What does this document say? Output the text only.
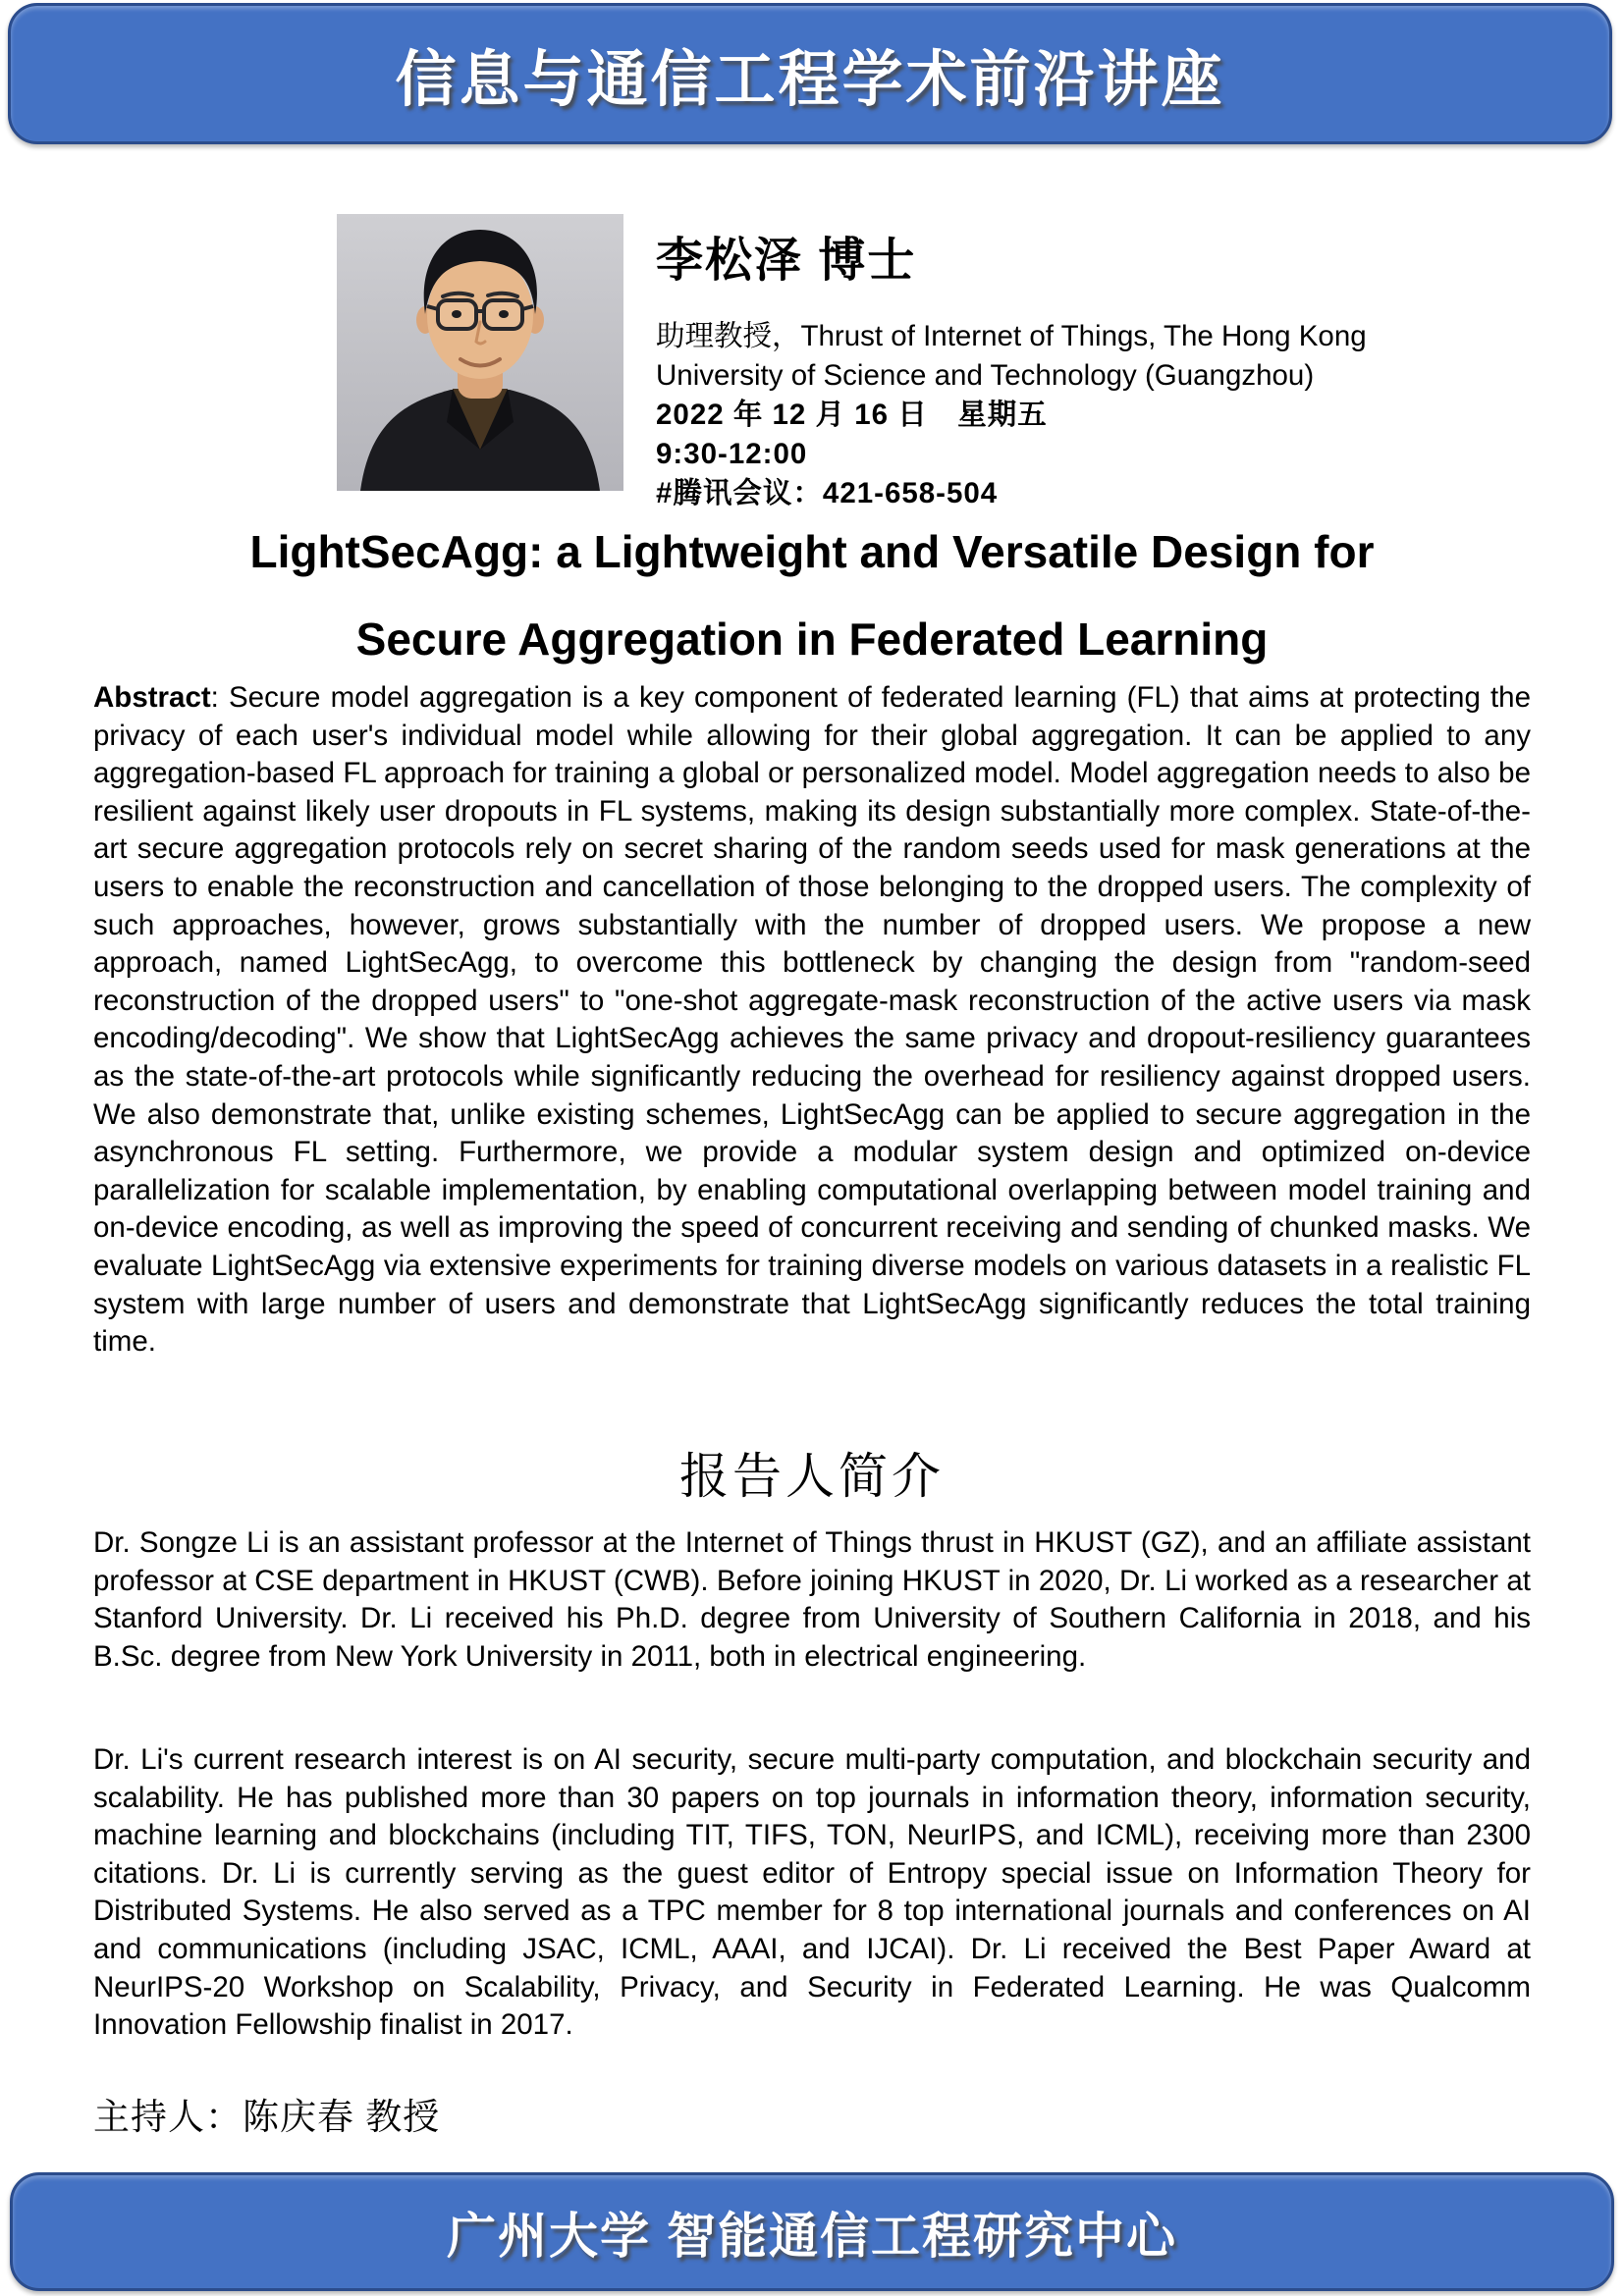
信息与通信工程学术前沿讲座
李松泽 博士
助理教授，Thrust of Internet of Things, The Hong Kong
University of Science and Technology (Guangzhou)
2022 年 12 月 16 日　星期五
9:30-12:00
#腾讯会议：421-658-504
LightSecAgg: a Lightweight and Versatile Design for
Secure Aggregation in Federated Learning
Abstract: Secure model aggregation is a key component of federated learning (FL) that aims at protecting the privacy of each user's individual model while allowing for their global aggregation. It can be applied to any aggregation-based FL approach for training a global or personalized model. Model aggregation needs to also be resilient against likely user dropouts in FL systems, making its design substantially more complex. State-of-the-art secure aggregation protocols rely on secret sharing of the random seeds used for mask generations at the users to enable the reconstruction and cancellation of those belonging to the dropped users. The complexity of such approaches, however, grows substantially with the number of dropped users. We propose a new approach, named LightSecAgg, to overcome this bottleneck by changing the design from "random-seed reconstruction of the dropped users" to "one-shot aggregate-mask reconstruction of the active users via mask encoding/decoding". We show that LightSecAgg achieves the same privacy and dropout-resiliency guarantees as the state-of-the-art protocols while significantly reducing the overhead for resiliency against dropped users. We also demonstrate that, unlike existing schemes, LightSecAgg can be applied to secure aggregation in the asynchronous FL setting. Furthermore, we provide a modular system design and optimized on-device parallelization for scalable implementation, by enabling computational overlapping between model training and on-device encoding, as well as improving the speed of concurrent receiving and sending of chunked masks. We evaluate LightSecAgg via extensive experiments for training diverse models on various datasets in a realistic FL system with large number of users and demonstrate that LightSecAgg significantly reduces the total training time.
报告人简介
Dr. Songze Li is an assistant professor at the Internet of Things thrust in HKUST (GZ), and an affiliate assistant professor at CSE department in HKUST (CWB). Before joining HKUST in 2020, Dr. Li worked as a researcher at Stanford University. Dr. Li received his Ph.D. degree from University of Southern California in 2018, and his B.Sc. degree from New York University in 2011, both in electrical engineering.
Dr. Li's current research interest is on AI security, secure multi-party computation, and blockchain security and scalability. He has published more than 30 papers on top journals in information theory, information security, machine learning and blockchains (including TIT, TIFS, TON, NeurIPS, and ICML), receiving more than 2300 citations. Dr. Li is currently serving as the guest editor of Entropy special issue on Information Theory for Distributed Systems. He also served as a TPC member for 8 top international journals and conferences on AI and communications (including JSAC, ICML, AAAI, and IJCAI). Dr. Li received the Best Paper Award at NeurIPS-20 Workshop on Scalability, Privacy, and Security in Federated Learning. He was Qualcomm Innovation Fellowship finalist in 2017.
主持人：陈庆春 教授
广州大学 智能通信工程研究中心
